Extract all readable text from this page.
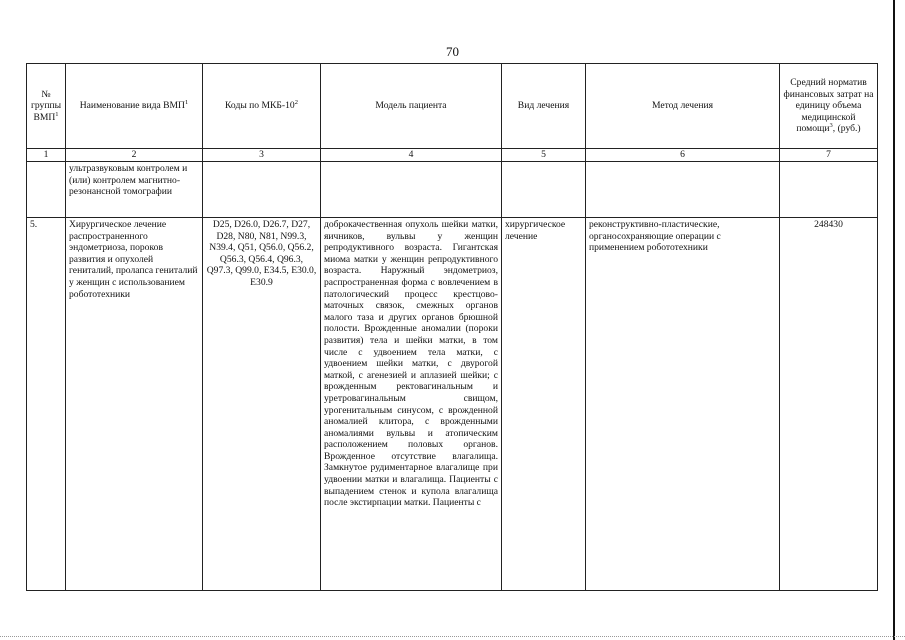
70
№ группы ВМП$^1$	Наименование вида ВМП$^1$	Коды по МКБ-$10^2$	Модель пациента	Вид лечения	Метод лечения	Средний норматив финансовых затрат на единицу объема медицинской помощи$^3$, (руб.)
1	2	3	4	5	6	7
	ультразвуковым контролем и (или) контролем магнитно-резонансной томографии					
5.	Хирургическое лечение распространенного эндометриоза, пороков развития и опухолей гениталий, пролапса гениталий у женщин с использованием робототехники	D25, D26.0, D26.7, D27, D28, N80, N81, N99.3, N39.4, Q51, Q56.0, Q56.2, Q56.3, Q56.4, Q96.3, Q97.3, Q99.0, E34.5, E30.0, E30.9	доброкачественная опухоль шейки матки, яичников, вульвы у женщин репродуктивного возраста. Гигантская миома матки у женщин репродуктивного возраста. Наружный эндометриоз, распространенная форма с вовлечением в патологический процесс крестцово-маточных связок, смежных органов малого таза и других органов брюшной полости. Врожденные аномалии (пороки развития) тела и шейки матки, в том числе с удвоением тела матки, с удвоением шейки матки, с двурогой маткой, с агенезией и аплазией шейки; с врожденным ректовагинальным и уретровагинальным свищом, урогенитальным синусом, с врожденной аномалией клитора, с врожденными аномалиями вульвы и атопическим расположением половых органов. Врожденное отсутствие влагалища. Замкнутое рудиментарное влагалище при удвоении матки и влагалища. Пациенты с выпадением стенок и купола влагалища после экстирпации матки. Пациенты с	хирургическое лечение	реконструктивно-пластические, органосохраняющие операции с применением робототехники	248430
